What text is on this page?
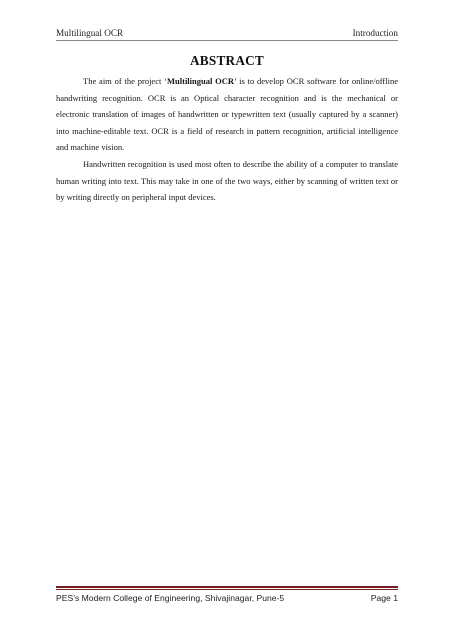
Multilingual OCR	Introduction
ABSTRACT

The aim of the project ‘Multilingual OCR’ is to develop OCR software for online/offline handwriting recognition. OCR is an Optical character recognition and is the mechanical or electronic translation of images of handwritten or typewritten text (usually captured by a scanner) into machine-editable text. OCR is a field of research in pattern recognition, artificial intelligence and machine vision.

Handwritten recognition is used most often to describe the ability of a computer to translate human writing into text. This may take in one of the two ways, either by scanning of written text or by writing directly on peripheral input devices.

PES’s Modern College of Engineering, Shivajinagar, Pune-5	Page 1
